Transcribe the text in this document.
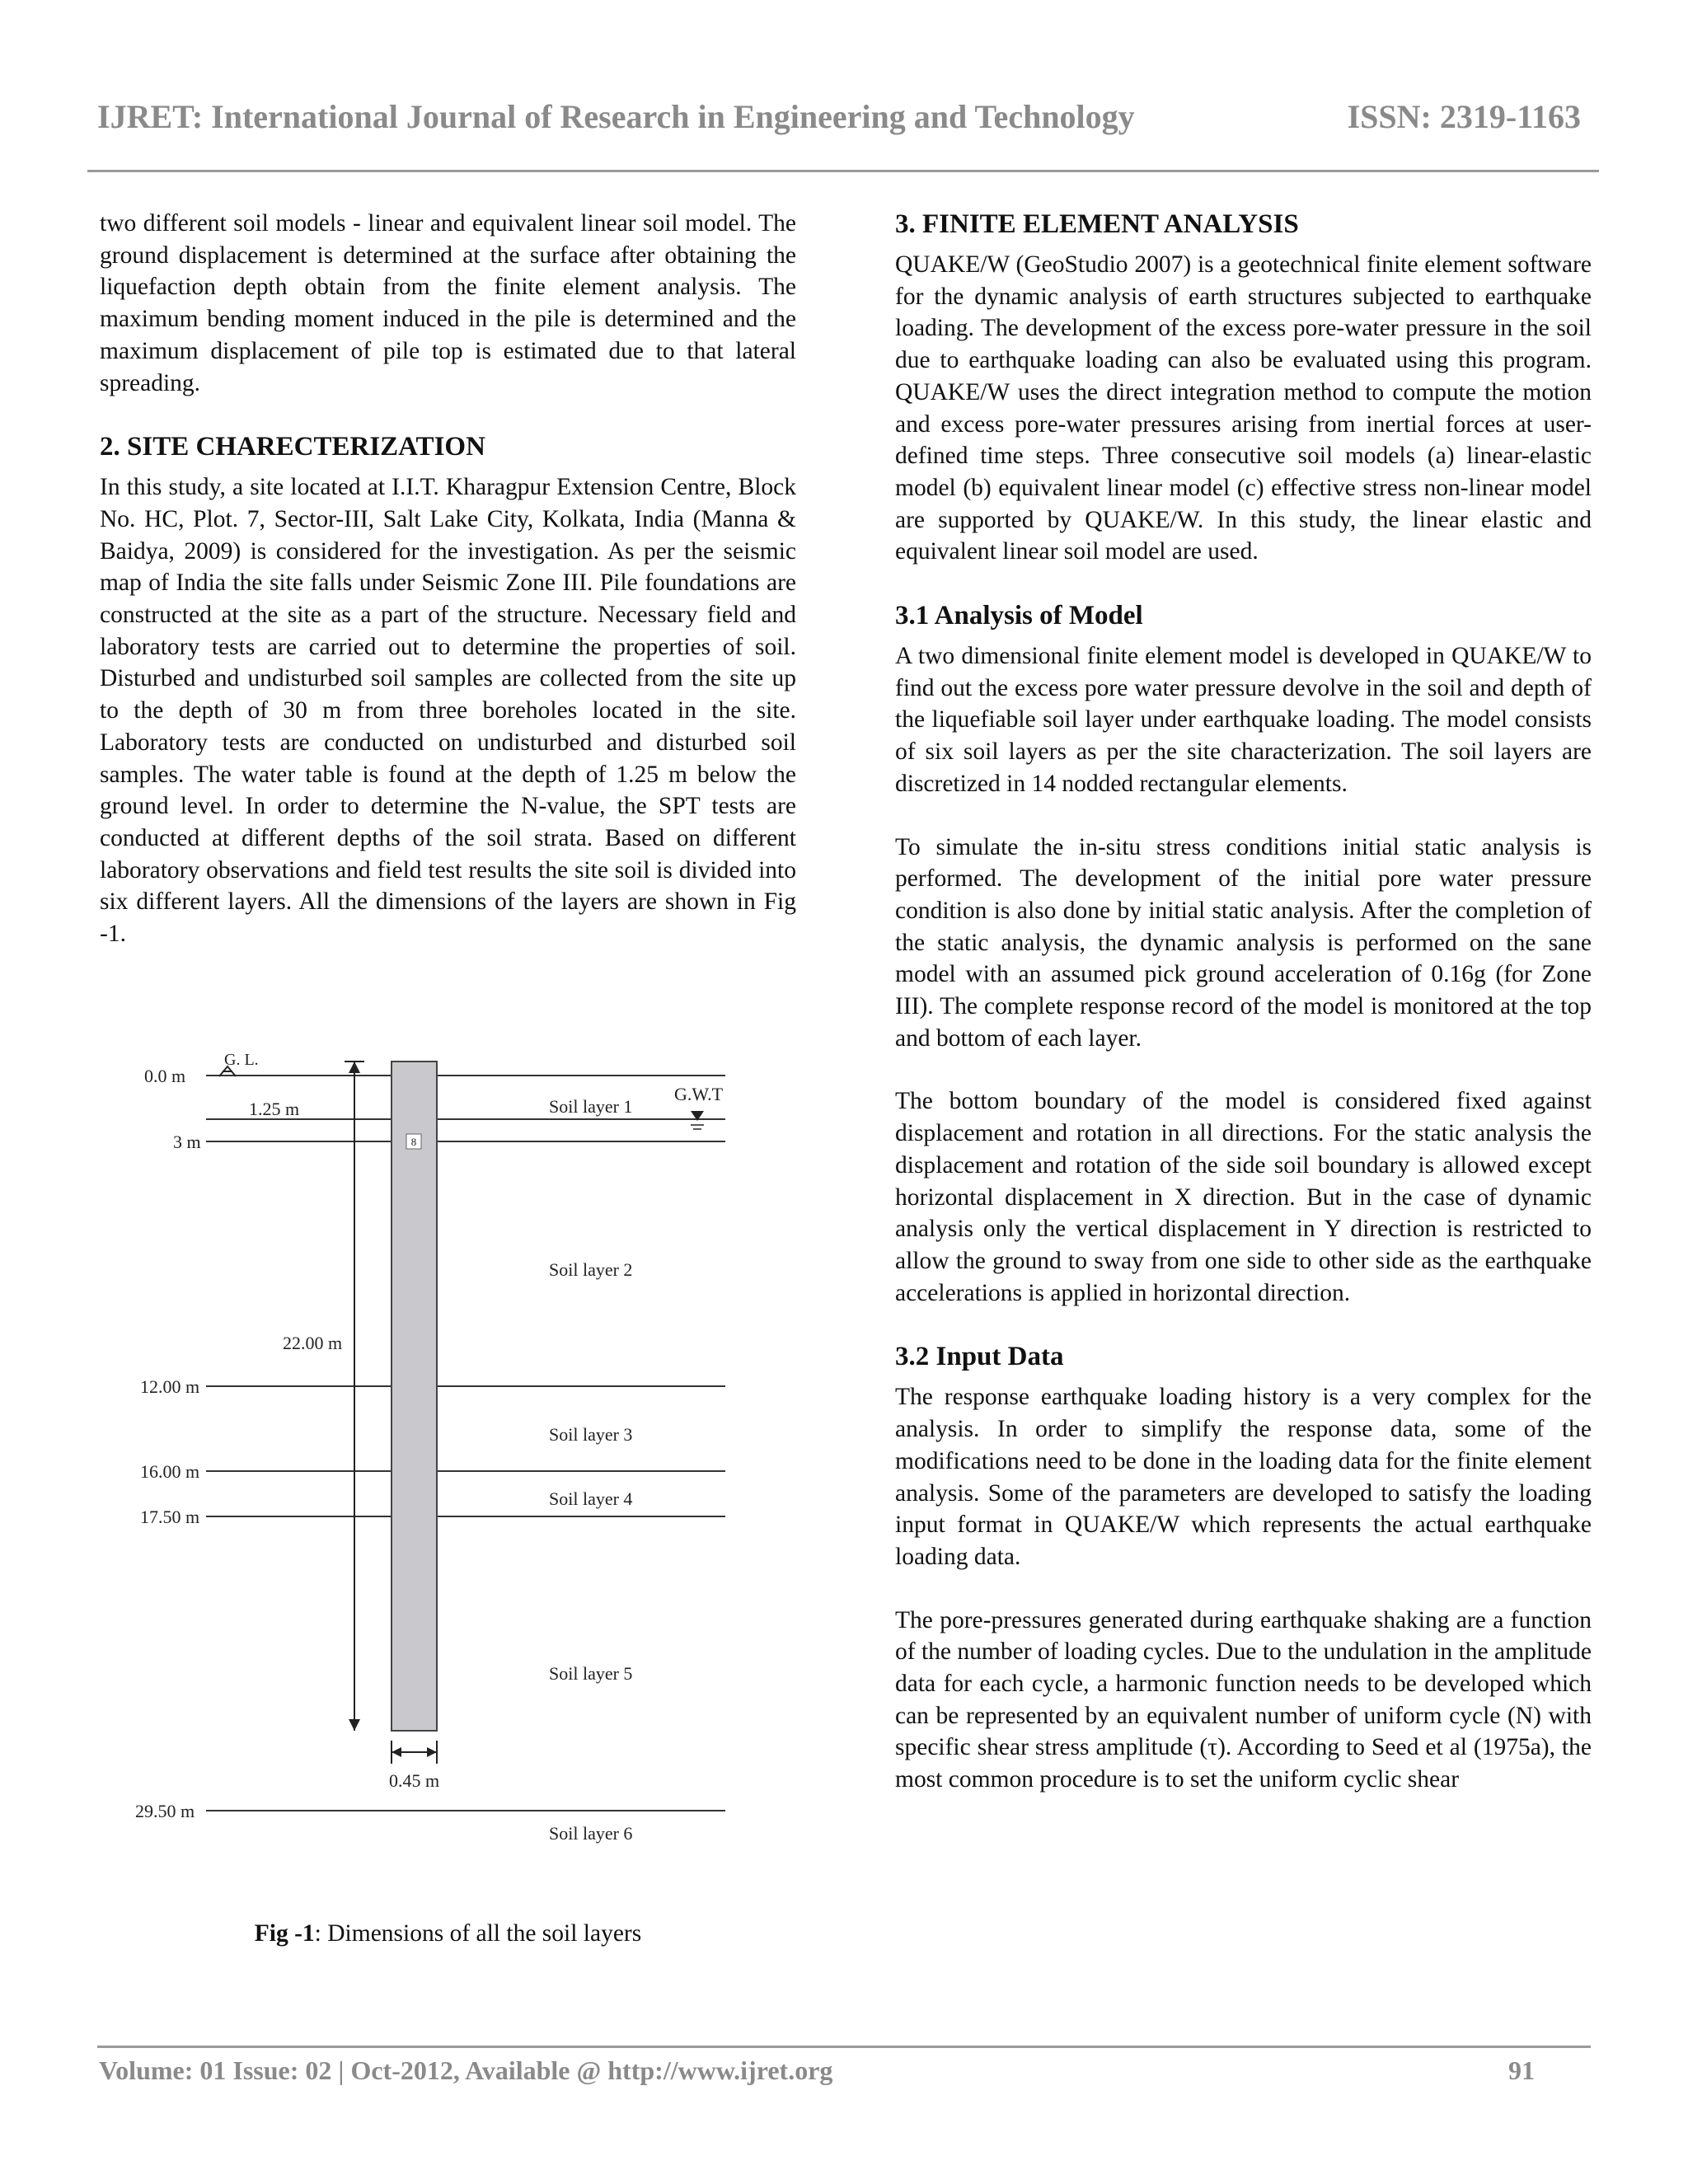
IJRET: International Journal of Research in Engineering and Technology	ISSN: 2319-1163

two different soil models - linear and equivalent linear soil model. The ground displacement is determined at the surface after obtaining the liquefaction depth obtain from the finite element analysis. The maximum bending moment induced in the pile is determined and the maximum displacement of pile top is estimated due to that lateral spreading.

2. SITE CHARECTERIZATION

In this study, a site located at I.I.T. Kharagpur Extension Centre, Block No. HC, Plot. 7, Sector-III, Salt Lake City, Kolkata, India (Manna & Baidya, 2009) is considered for the investigation. As per the seismic map of India the site falls under Seismic Zone III. Pile foundations are constructed at the site as a part of the structure. Necessary field and laboratory tests are carried out to determine the properties of soil. Disturbed and undisturbed soil samples are collected from the site up to the depth of 30 m from three boreholes located in the site. Laboratory tests are conducted on undisturbed and disturbed soil samples. The water table is found at the depth of 1.25 m below the ground level. In order to determine the N-value, the SPT tests are conducted at different depths of the soil strata. Based on different laboratory observations and field test results the site soil is divided into six different layers. All the dimensions of the layers are shown in Fig -1.

8
22.00 m
0.45 m
G. L.
G.W.T
0.0 m
1.25 m
3 m
12.00 m
16.00 m
17.50 m
29.50 m
Soil layer 1
Soil layer 2
Soil layer 3
Soil layer 4
Soil layer 5
Soil layer 6
Fig -1: Dimensions of all the soil layers
3. FINITE ELEMENT ANALYSIS

QUAKE/W (GeoStudio 2007) is a geotechnical finite element software for the dynamic analysis of earth structures subjected to earthquake loading. The development of the excess pore-water pressure in the soil due to earthquake loading can also be evaluated using this program. QUAKE/W uses the direct integration method to compute the motion and excess pore-water pressures arising from inertial forces at user-defined time steps. Three consecutive soil models (a) linear-elastic model (b) equivalent linear model (c) effective stress non-linear model are supported by QUAKE/W. In this study, the linear elastic and equivalent linear soil model are used.

3.1 Analysis of Model

A two dimensional finite element model is developed in QUAKE/W to find out the excess pore water pressure devolve in the soil and depth of the liquefiable soil layer under earthquake loading. The model consists of six soil layers as per the site characterization. The soil layers are discretized in 14 nodded rectangular elements.

To simulate the in-situ stress conditions initial static analysis is performed. The development of the initial pore water pressure condition is also done by initial static analysis. After the completion of the static analysis, the dynamic analysis is performed on the sane model with an assumed pick ground acceleration of 0.16g (for Zone III). The complete response record of the model is monitored at the top and bottom of each layer.

The bottom boundary of the model is considered fixed against displacement and rotation in all directions. For the static analysis the displacement and rotation of the side soil boundary is allowed except horizontal displacement in X direction. But in the case of dynamic analysis only the vertical displacement in Y direction is restricted to allow the ground to sway from one side to other side as the earthquake accelerations is applied in horizontal direction.

3.2 Input Data

The response earthquake loading history is a very complex for the analysis. In order to simplify the response data, some of the modifications need to be done in the loading data for the finite element analysis. Some of the parameters are developed to satisfy the loading input format in QUAKE/W which represents the actual earthquake loading data.

The pore-pressures generated during earthquake shaking are a function of the number of loading cycles. Due to the undulation in the amplitude data for each cycle, a harmonic function needs to be developed which can be represented by an equivalent number of uniform cycle (N) with specific shear stress amplitude (τ). According to Seed et al (1975a), the most common procedure is to set the uniform cyclic shear

Volume: 01 Issue: 02 | Oct-2012, Available @ http://www.ijret.org	91
